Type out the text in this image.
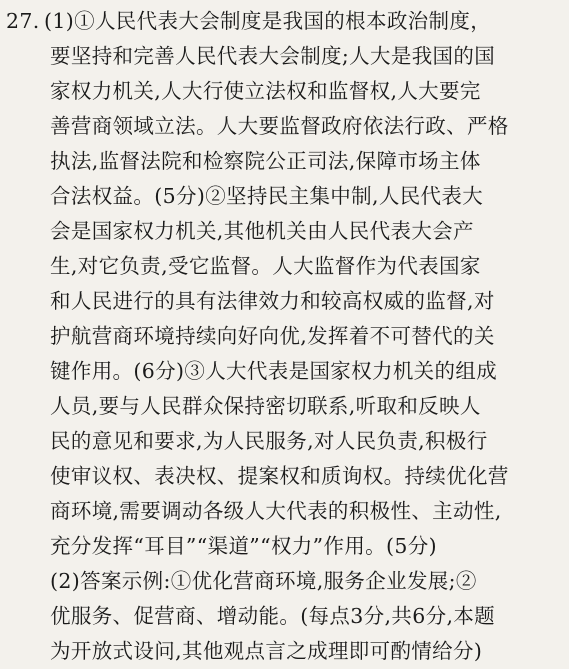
27. (1)①人民代表大会制度是我国的根本政治制度，
要坚持和完善人民代表大会制度;人大是我国的国
家权力机关,人大行使立法权和监督权,人大要完
善营商领域立法。人大要监督政府依法行政、严格
执法,监督法院和检察院公正司法,保障市场主体
合法权益。(5分)②坚持民主集中制,人民代表大
会是国家权力机关,其他机关由人民代表大会产
生,对它负责,受它监督。人大监督作为代表国家
和人民进行的具有法律效力和较高权威的监督,对
护航营商环境持续向好向优,发挥着不可替代的关
键作用。(6分)③人大代表是国家权力机关的组成
人员,要与人民群众保持密切联系,听取和反映人
民的意见和要求,为人民服务,对人民负责,积极行
使审议权、表决权、提案权和质询权。持续优化营
商环境,需要调动各级人大代表的积极性、主动性,
充分发挥“耳目”“渠道”“权力”作用。(5分)
(2)答案示例:①优化营商环境,服务企业发展;②
优服务、促营商、增动能。(每点3分,共6分,本题
为开放式设问,其他观点言之成理即可酌情给分)
